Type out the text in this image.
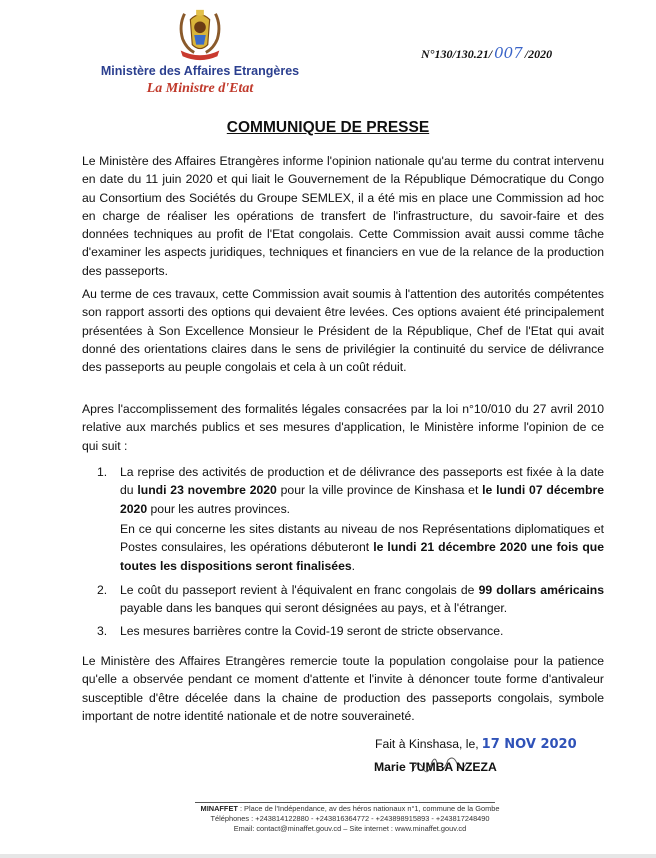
Ministère des Affaires Etrangères
La Ministre d'Etat
N°130/130.21/ 007 /2020
COMMUNIQUE DE PRESSE
Le Ministère des Affaires Etrangères informe l'opinion nationale qu'au terme du contrat intervenu en date du 11 juin 2020 et qui liait le Gouvernement de la République Démocratique du Congo au Consortium des Sociétés du Groupe SEMLEX, il a été mis en place une Commission ad hoc en charge de réaliser les opérations de transfert de l'infrastructure, du savoir-faire et des données techniques au profit de l'Etat congolais. Cette Commission avait aussi comme tâche d'examiner les aspects juridiques, techniques et financiers en vue de la relance de la production des passeports.
Au terme de ces travaux, cette Commission avait soumis à l'attention des autorités compétentes son rapport assorti des options qui devaient être levées. Ces options avaient été principalement présentées à Son Excellence Monsieur le Président de la République, Chef de l'Etat qui avait donné des orientations claires dans le sens de privilégier la continuité du service de délivrance des passeports au peuple congolais et cela à un coût réduit.
Apres l'accomplissement des formalités légales consacrées par la loi n°10/010 du 27 avril 2010 relative aux marchés publics et ses mesures d'application, le Ministère informe l'opinion de ce qui suit :
1.	La reprise des activités de production et de délivrance des passeports est fixée à la date du lundi 23 novembre 2020 pour la ville province de Kinshasa et le lundi 07 décembre 2020 pour les autres provinces.
En ce qui concerne les sites distants au niveau de nos Représentations diplomatiques et Postes consulaires, les opérations débuteront le lundi 21 décembre 2020 une fois que toutes les dispositions seront finalisées.
2.	Le coût du passeport revient à l'équivalent en franc congolais de 99 dollars américains payable dans les banques qui seront désignées au pays, et à l'étranger.
3.	Les mesures barrières contre la Covid-19 seront de stricte observance.
Le Ministère des Affaires Etrangères remercie toute la population congolaise pour la patience qu'elle a observée pendant ce moment d'attente et l'invite à dénoncer toute forme d'antivaleur susceptible d'être décelée dans la chaine de production des passeports congolais, symbole important de notre identité nationale et de notre souveraineté.
Fait à Kinshasa, le, 17 NOV 2020
Marie TUMBA NZEZA
MINAFFET : Place de l'Indépendance, av des héros nationaux n°1, commune de la Gombe
Téléphones : +243814122880 - +243816364772 - +243898915893 - +243817248490
Email: contact@minaffet.gouv.cd – Site internet : www.minaffet.gouv.cd
